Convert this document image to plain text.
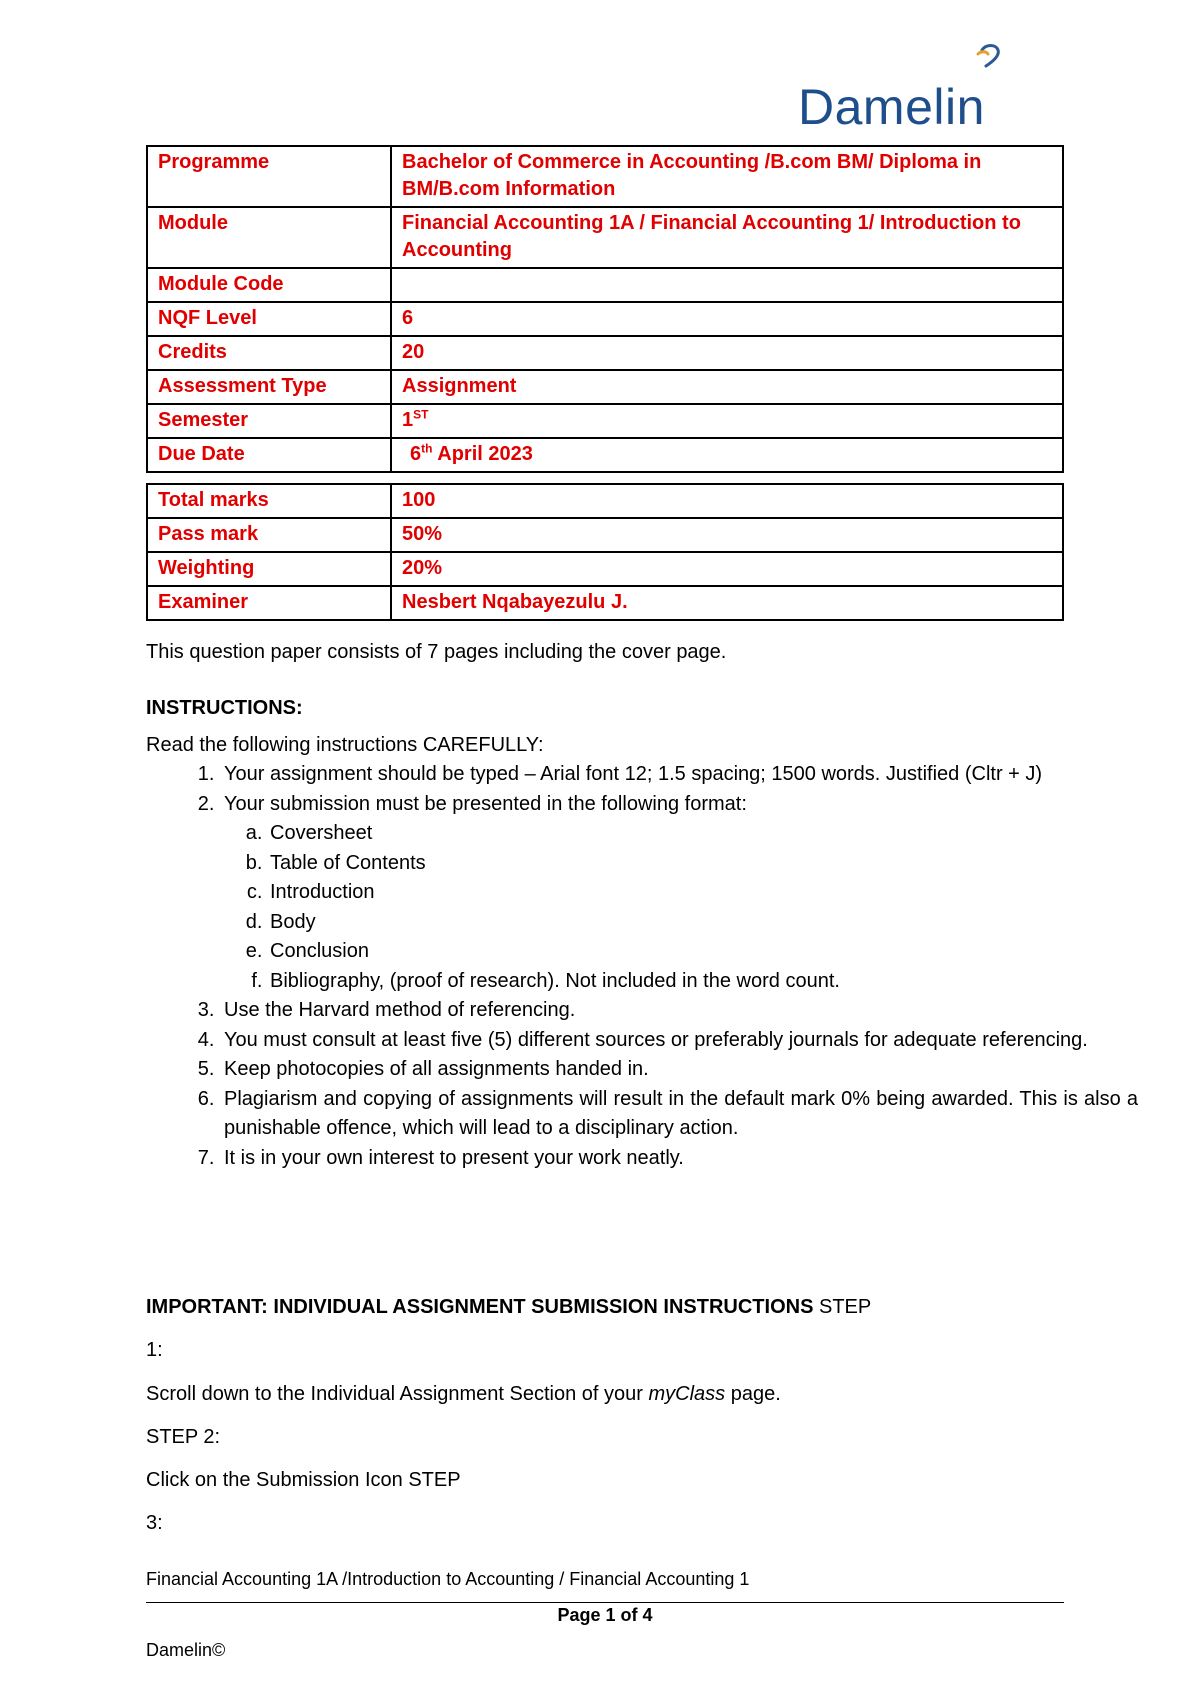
Damelin
Programme	Bachelor of Commerce in Accounting /B.com BM/ Diploma in BM/B.com Information
Module	Financial Accounting 1A / Financial Accounting 1/ Introduction to Accounting
Module Code	
NQF Level	6
Credits	20
Assessment Type	Assignment
Semester	1ST
Due Date	6th April 2023
Total marks	100
Pass mark	50%
Weighting	20%
Examiner	Nesbert Nqabayezulu J.
This question paper consists of 7 pages including the cover page.
INSTRUCTIONS:
Read the following instructions CAREFULLY:
1. Your assignment should be typed – Arial font 12; 1.5 spacing; 1500 words. Justified (Cltr + J)
2. Your submission must be presented in the following format:
a. Coversheet
b. Table of Contents
c. Introduction
d. Body
e. Conclusion
f. Bibliography, (proof of research). Not included in the word count.
3. Use the Harvard method of referencing.
4. You must consult at least five (5) different sources or preferably journals for adequate referencing.
5. Keep photocopies of all assignments handed in.
6. Plagiarism and copying of assignments will result in the default mark 0% being awarded. This is also a punishable offence, which will lead to a disciplinary action.
7. It is in your own interest to present your work neatly.
IMPORTANT: INDIVIDUAL ASSIGNMENT SUBMISSION INSTRUCTIONS STEP
1:
Scroll down to the Individual Assignment Section of your myClass page.
STEP 2:
Click on the Submission Icon STEP
3:
Financial Accounting 1A /Introduction to Accounting / Financial Accounting 1
Page 1 of 4
Damelin©
